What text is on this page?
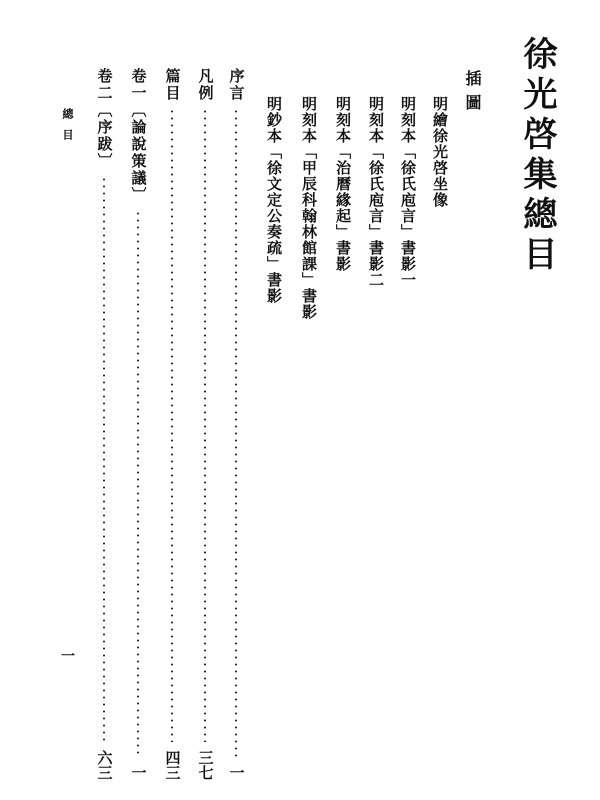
徐光啓集總目
插圖
明繪徐光啓坐像
明刻本「徐氏庖言」書影一
明刻本「徐氏庖言」書影二
明刻本「治曆緣起」書影
明刻本「甲辰科翰林館課」書影
明鈔本「徐文定公奏疏」書影
序言
一
凡例
三七
篇目
四三
卷一〔論說策議〕
一
卷二〔序跋〕
六三
總目
一
